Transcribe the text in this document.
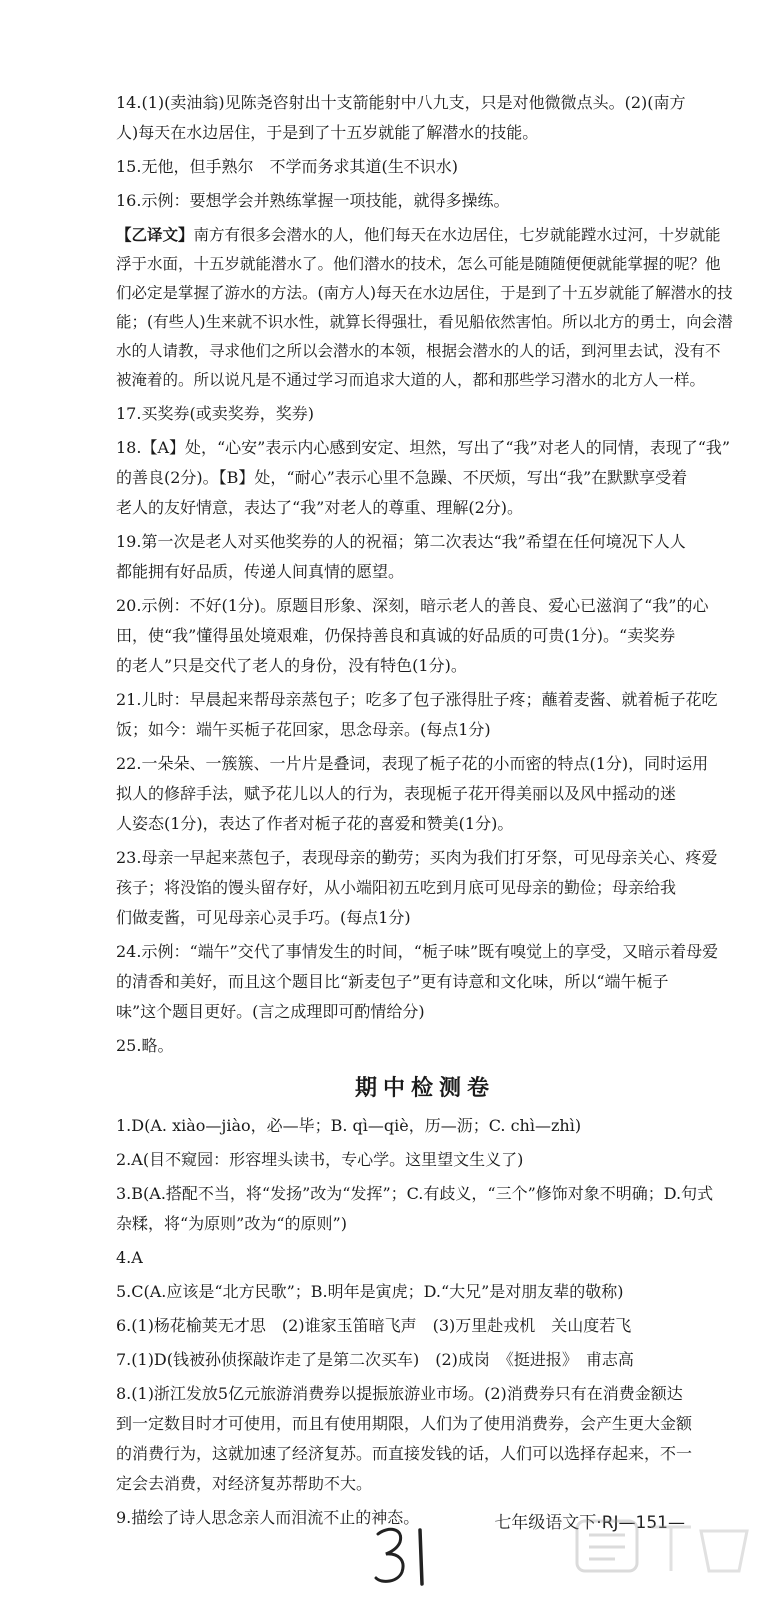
14.(1)(卖油翁)见陈尧咨射出十支箭能射中八九支，只是对他微微点头。(2)(南方

人)每天在水边居住，于是到了十五岁就能了解潜水的技能。

15.无他，但手熟尔　不学而务求其道(生不识水)

16.示例：要想学会并熟练掌握一项技能，就得多操练。

【乙译文】南方有很多会潜水的人，他们每天在水边居住，七岁就能蹚水过河，十岁就能浮于水面，十五岁就能潜水了。他们潜水的技术，怎么可能是随随便便就能掌握的呢？他们必定是掌握了游水的方法。(南方人)每天在水边居住，于是到了十五岁就能了解潜水的技能；(有些人)生来就不识水性，就算长得强壮，看见船依然害怕。所以北方的勇士，向会潜水的人请教，寻求他们之所以会潜水的本领，根据会潜水的人的话，到河里去试，没有不被淹着的。所以说凡是不通过学习而追求大道的人，都和那些学习潜水的北方人一样。

17.买奖券(或卖奖券，奖券)

18.【A】处，“心安”表示内心感到安定、坦然，写出了“我”对老人的同情，表现了“我”

的善良(2分)。【B】处，“耐心”表示心里不急躁、不厌烦，写出“我”在默默享受着

老人的友好情意，表达了“我”对老人的尊重、理解(2分)。

19.第一次是老人对买他奖券的人的祝福；第二次表达“我”希望在任何境况下人人

都能拥有好品质，传递人间真情的愿望。

20.示例：不好(1分)。原题目形象、深刻，暗示老人的善良、爱心已滋润了“我”的心

田，使“我”懂得虽处境艰难，仍保持善良和真诚的好品质的可贵(1分)。“卖奖券

的老人”只是交代了老人的身份，没有特色(1分)。

21.儿时：早晨起来帮母亲蒸包子；吃多了包子涨得肚子疼；蘸着麦酱、就着栀子花吃

饭；如今：端午买栀子花回家，思念母亲。(每点1分)

22.一朵朵、一簇簇、一片片是叠词，表现了栀子花的小而密的特点(1分)，同时运用

拟人的修辞手法，赋予花儿以人的行为，表现栀子花开得美丽以及风中摇动的迷

人姿态(1分)，表达了作者对栀子花的喜爱和赞美(1分)。

23.母亲一早起来蒸包子，表现母亲的勤劳；买肉为我们打牙祭，可见母亲关心、疼爱

孩子；将没馅的馒头留存好，从小端阳初五吃到月底可见母亲的勤俭；母亲给我

们做麦酱，可见母亲心灵手巧。(每点1分)

24.示例：“端午”交代了事情发生的时间，“栀子味”既有嗅觉上的享受，又暗示着母爱

的清香和美好，而且这个题目比“新麦包子”更有诗意和文化味，所以“端午栀子

味”这个题目更好。(言之成理即可酌情给分)

25.略。

期中检测卷

1.D(A. xiào—jiào，必—毕；B. qì—qiè，历—沥；C. chì—zhì)

2.A(目不窥园：形容埋头读书，专心学。这里望文生义了)

3.B(A.搭配不当，将“发扬”改为“发挥”；C.有歧义，“三个”修饰对象不明确；D.句式

杂糅，将“为原则”改为“的原则”)

4.A

5.C(A.应该是“北方民歌”；B.明年是寅虎；D.“大兄”是对朋友辈的敬称)

6.(1)杨花榆荚无才思　(2)谁家玉笛暗飞声　(3)万里赴戎机　关山度若飞

7.(1)D(钱被孙侦探敲诈走了是第二次买车)　(2)成岗　《挺进报》　甫志高

8.(1)浙江发放5亿元旅游消费券以提振旅游业市场。(2)消费券只有在消费金额达

到一定数目时才可使用，而且有使用期限，人们为了使用消费券，会产生更大金额

的消费行为，这就加速了经济复苏。而直接发钱的话，人们可以选择存起来，不一

定会去消费，对经济复苏帮助不大。

9.描绘了诗人思念亲人而泪流不止的神态。	七年级语文下·RJ—151—
